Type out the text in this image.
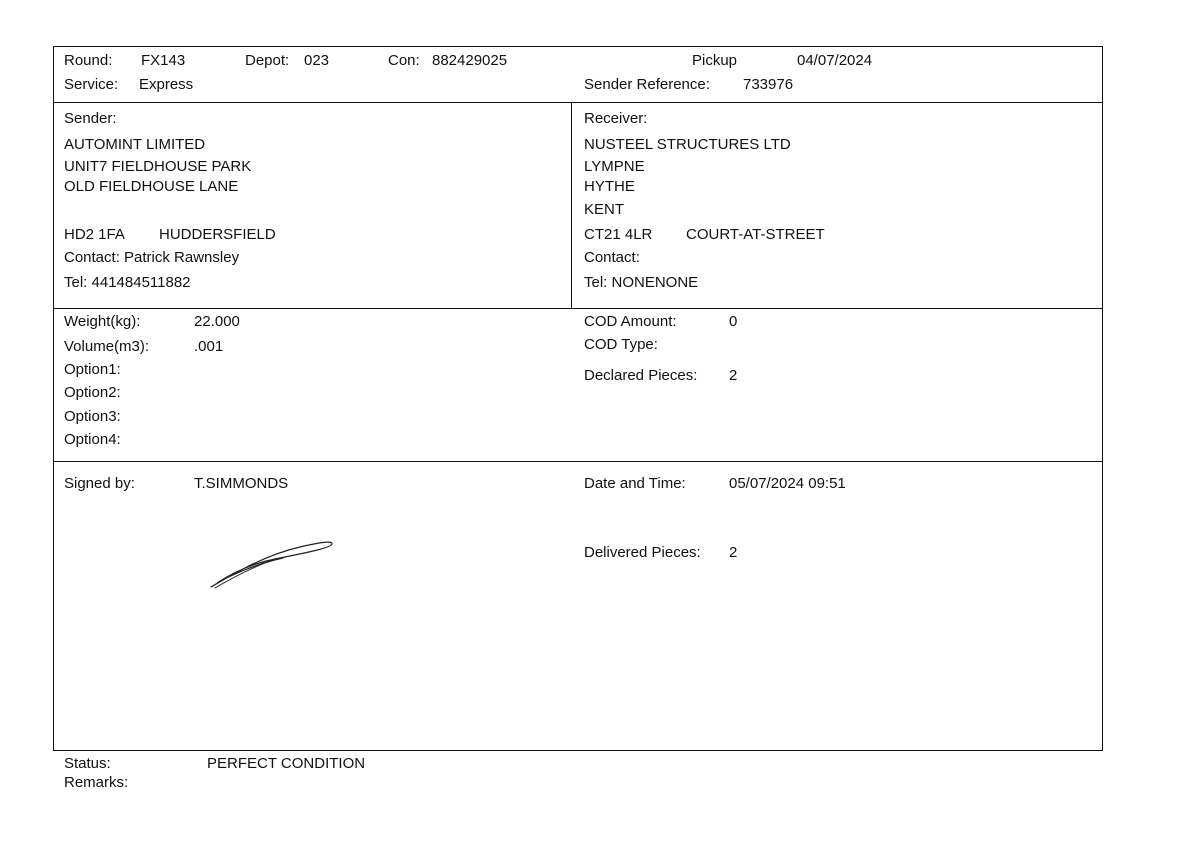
Round: FX143	Depot: 023	Con: 882429025	Pickup	04/07/2024
Service: Express	Sender Reference: 733976
Sender:
AUTOMINT LIMITED
UNIT7 FIELDHOUSE PARK
OLD FIELDHOUSE LANE
HD2 1FA HUDDERSFIELD
Contact: Patrick Rawnsley
Tel: 441484511882
Receiver:
NUSTEEL STRUCTURES LTD
LYMPNE
HYTHE
KENT
CT21 4LR COURT-AT-STREET
Contact:
Tel: NONENONE
Weight(kg):	22.000
Volume(m3):	.001
Option1:
Option2:
Option3:
Option4:
COD Amount:	0
COD Type:
Declared Pieces: 2
Signed by:	T.SIMMONDS	Date and Time:	05/07/2024 09:51
Delivered Pieces: 2
Status:	PERFECT CONDITION
Remarks:
